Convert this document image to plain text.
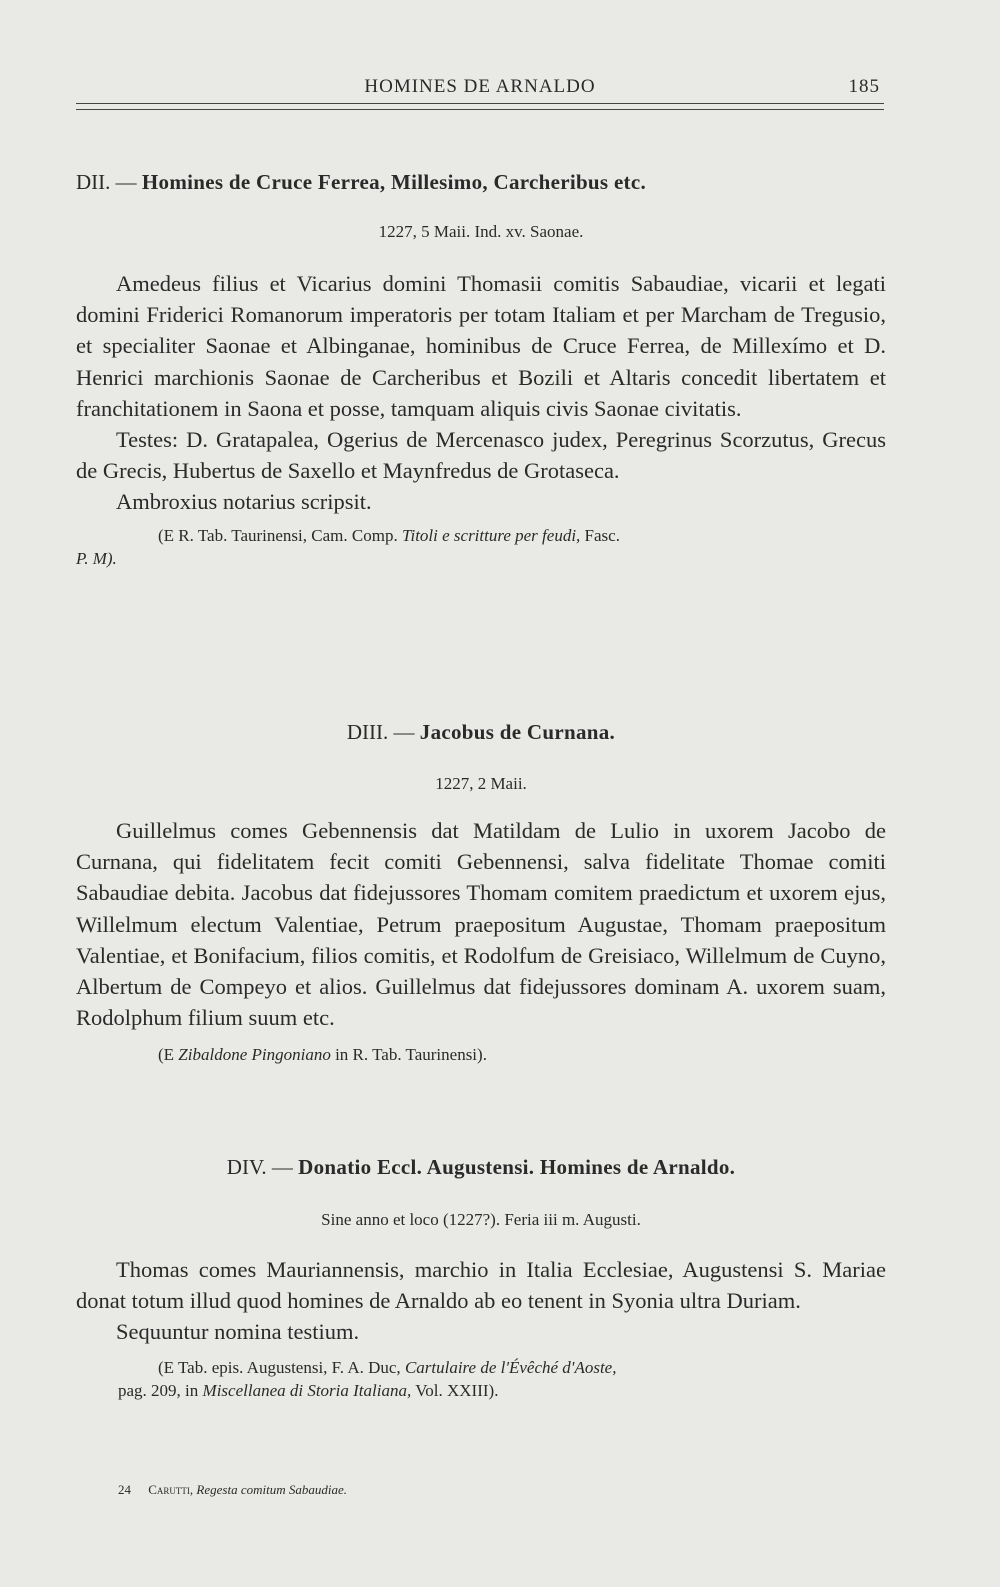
HOMINES DE ARNALDO	185
DII. — Homines de Cruce Ferrea, Millesimo, Carcheribus etc.
1227, 5 Maii. Ind. xv. Saonae.

Amedeus filius et Vicarius domini Thomasii comitis Sabaudiae, vicarii et legati domini Friderici Romanorum imperatoris per totam Italiam et per Marcham de Tregusio, et specialiter Saonae et Albinganae, hominibus de Cruce Ferrea, de Millexímo et D. Henrici marchionis Saonae de Carcheribus et Bozili et Altaris concedit libertatem et franchitationem in Saona et posse, tamquam aliquis civis Saonae civitatis.

Testes: D. Gratapalea, Ogerius de Mercenasco judex, Peregrinus Scorzutus, Grecus de Grecis, Hubertus de Saxello et Maynfredus de Grotaseca.

Ambroxius notarius scripsit.

(E R. Tab. Taurinensi, Cam. Comp. Titoli e scritture per feudi, Fasc.

P. M).

DIII. — Jacobus de Curnana.
1227, 2 Maii.

Guillelmus comes Gebennensis dat Matildam de Lulio in uxorem Jacobo de Curnana, qui fidelitatem fecit comiti Gebennensi, salva fidelitate Thomae comiti Sabaudiae debita. Jacobus dat fidejussores Thomam comitem praedictum et uxorem ejus, Willelmum electum Valentiae, Petrum praepositum Augustae, Thomam praepositum Valentiae, et Bonifacium, filios comitis, et Rodolfum de Greisiaco, Willelmum de Cuyno, Albertum de Compeyo et alios. Guillelmus dat fidejussores dominam A. uxorem suam, Rodolphum filium suum etc.

(E Zibaldone Pingoniano in R. Tab. Taurinensi).

DIV. — Donatio Eccl. Augustensi. Homines de Arnaldo.
Sine anno et loco (1227?). Feria iii m. Augusti.

Thomas comes Mauriannensis, marchio in Italia Ecclesiae, Augustensi S. Mariae donat totum illud quod homines de Arnaldo ab eo tenent in Syonia ultra Duriam.

Sequuntur nomina testium.

(E Tab. epis. Augustensi, F. A. Duc, Cartulaire de l'Évêché d'Aoste,

pag. 209, in Miscellanea di Storia Italiana, Vol. XXIII).

24 Carutti, Regesta comitum Sabaudiae.
